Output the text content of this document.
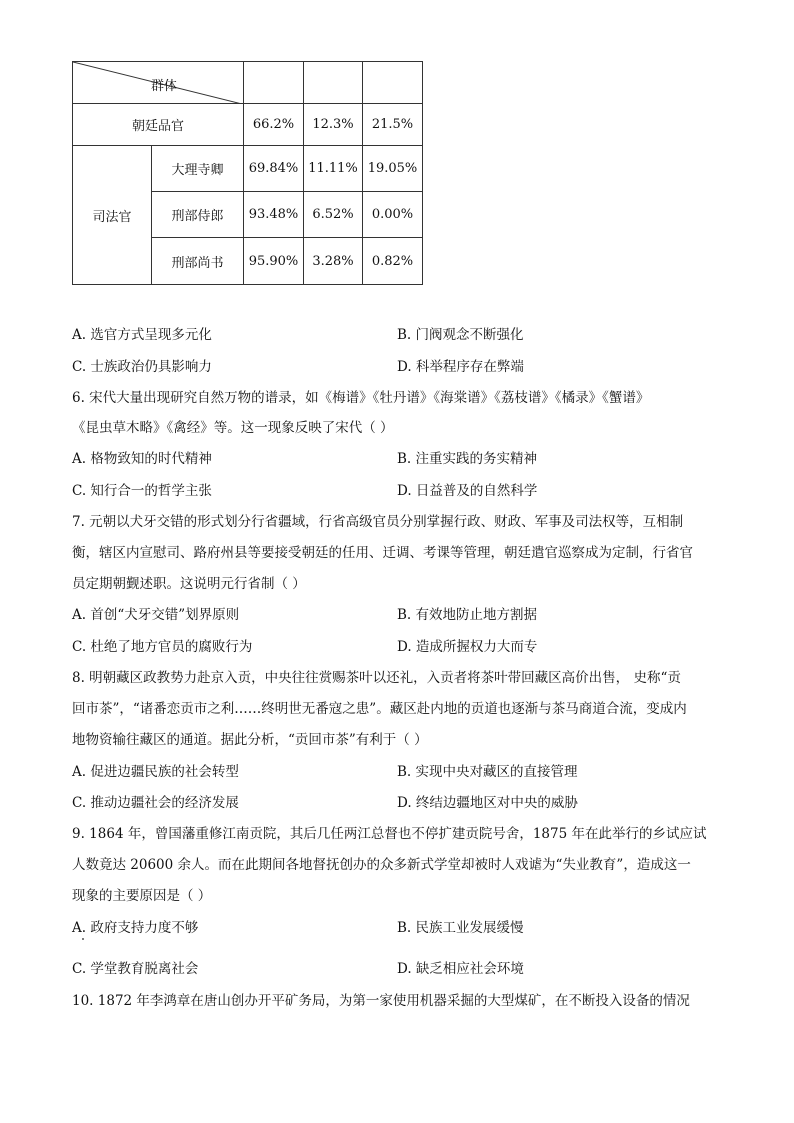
群体				

朝廷品官		66.2%	12.3%	21.5%
司法官	大理寺卿	69.84%	11.11%	19.05%
	刑部侍郎	93.48%	6.52%	0.00%
	刑部尚书	95.90%	3.28%	0.82%
A. 选官方式呈现多元化	B. 门阀观念不断强化
C. 士族政治仍具影响力	D. 科举程序存在弊端
6. 宋代大量出现研究自然万物的谱录，如《梅谱》《牡丹谱》《海棠谱》《荔枝谱》《橘录》《蟹谱》
《昆虫草木略》《禽经》等。这一现象反映了宋代（ ）
A. 格物致知的时代精神	B. 注重实践的务实精神
C. 知行合一的哲学主张	D. 日益普及的自然科学
7. 元朝以犬牙交错的形式划分行省疆域，行省高级官员分别掌握行政、财政、军事及司法权等，互相制
衡，辖区内宣慰司、路府州县等要接受朝廷的任用、迁调、考课等管理，朝廷遣官巡察成为定制，行省官
员定期朝觐述职。这说明元行省制（ ）
A. 首创“犬牙交错”划界原则	B. 有效地防止地方割据
C. 杜绝了地方官员的腐败行为	D. 造成所握权力大而专
8. 明朝藏区政教势力赴京入贡，中央往往赏赐茶叶以还礼，入贡者将茶叶带回藏区高价出售， 史称“贡
回市茶”，“诸番恋贡市之利……终明世无番寇之患”。藏区赴内地的贡道也逐渐与茶马商道合流，变成内
地物资输往藏区的通道。据此分析，“贡回市茶”有利于（ ）
A. 促进边疆民族的社会转型	B. 实现中央对藏区的直接管理
C. 推动边疆社会的经济发展	D. 终结边疆地区对中央的威胁
9. 1864 年，曾国藩重修江南贡院，其后几任两江总督也不停扩建贡院号舍，1875 年在此举行的乡试应试
人数竟达 20600 余人。而在此期间各地督抚创办的众多新式学堂却被时人戏谑为“失业教育”，造成这一
现象的主要原因是（ ）
A. 政府支持力度不够	B. 民族工业发展缓慢
C. 学堂教育脱离社会	D. 缺乏相应社会环境
10. 1872 年李鸿章在唐山创办开平矿务局，为第一家使用机器采掘的大型煤矿，在不断投入设备的情况
